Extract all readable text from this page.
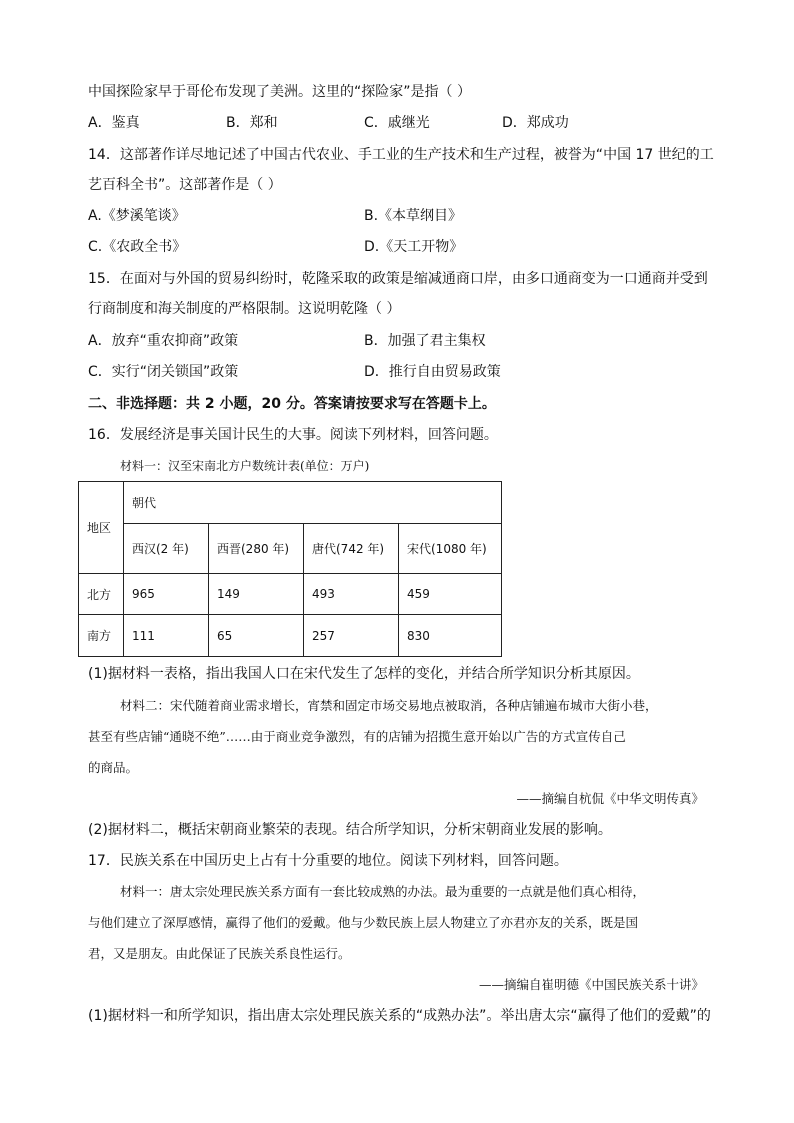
中国探险家早于哥伦布发现了美洲。这里的“探险家”是指（ ）
A．鉴真	B．郑和	C．戚继光	D．郑成功
14．这部著作详尽地记述了中国古代农业、手工业的生产技术和生产过程，被誉为“中国 17 世纪的工
艺百科全书”。这部著作是（ ）
A.《梦溪笔谈》	B.《本草纲目》
C.《农政全书》	D.《天工开物》
15．在面对与外国的贸易纠纷时，乾隆采取的政策是缩减通商口岸，由多口通商变为一口通商并受到
行商制度和海关制度的严格限制。这说明乾隆（ ）
A．放弃“重农抑商”政策	B．加强了君主集权
C．实行“闭关锁国”政策	D．推行自由贸易政策
二、非选择题：共 2 小题，20 分。答案请按要求写在答题卡上。
16．发展经济是事关国计民生的大事。阅读下列材料，回答问题。
材料一：汉至宋南北方户数统计表(单位：万户)
地区	朝代			
	西汉(2 年)	西晋(280 年)	唐代(742 年)	宋代(1080 年)
北方	965	149	493	459
南方	111	65	257	830
(1)据材料一表格，指出我国人口在宋代发生了怎样的变化，并结合所学知识分析其原因。
材料二：宋代随着商业需求增长，宵禁和固定市场交易地点被取消，各种店铺遍布城市大街小巷，
甚至有些店铺“通晓不绝”……由于商业竞争激烈，有的店铺为招揽生意开始以广告的方式宣传自己
的商品。
——摘编自杭侃《中华文明传真》
(2)据材料二，概括宋朝商业繁荣的表现。结合所学知识，分析宋朝商业发展的影响。
17．民族关系在中国历史上占有十分重要的地位。阅读下列材料，回答问题。
材料一：唐太宗处理民族关系方面有一套比较成熟的办法。最为重要的一点就是他们真心相待，
与他们建立了深厚感情，赢得了他们的爱戴。他与少数民族上层人物建立了亦君亦友的关系，既是国
君，又是朋友。由此保证了民族关系良性运行。
——摘编自崔明德《中国民族关系十讲》
(1)据材料一和所学知识，指出唐太宗处理民族关系的“成熟办法”。举出唐太宗“赢得了他们的爱戴”的
